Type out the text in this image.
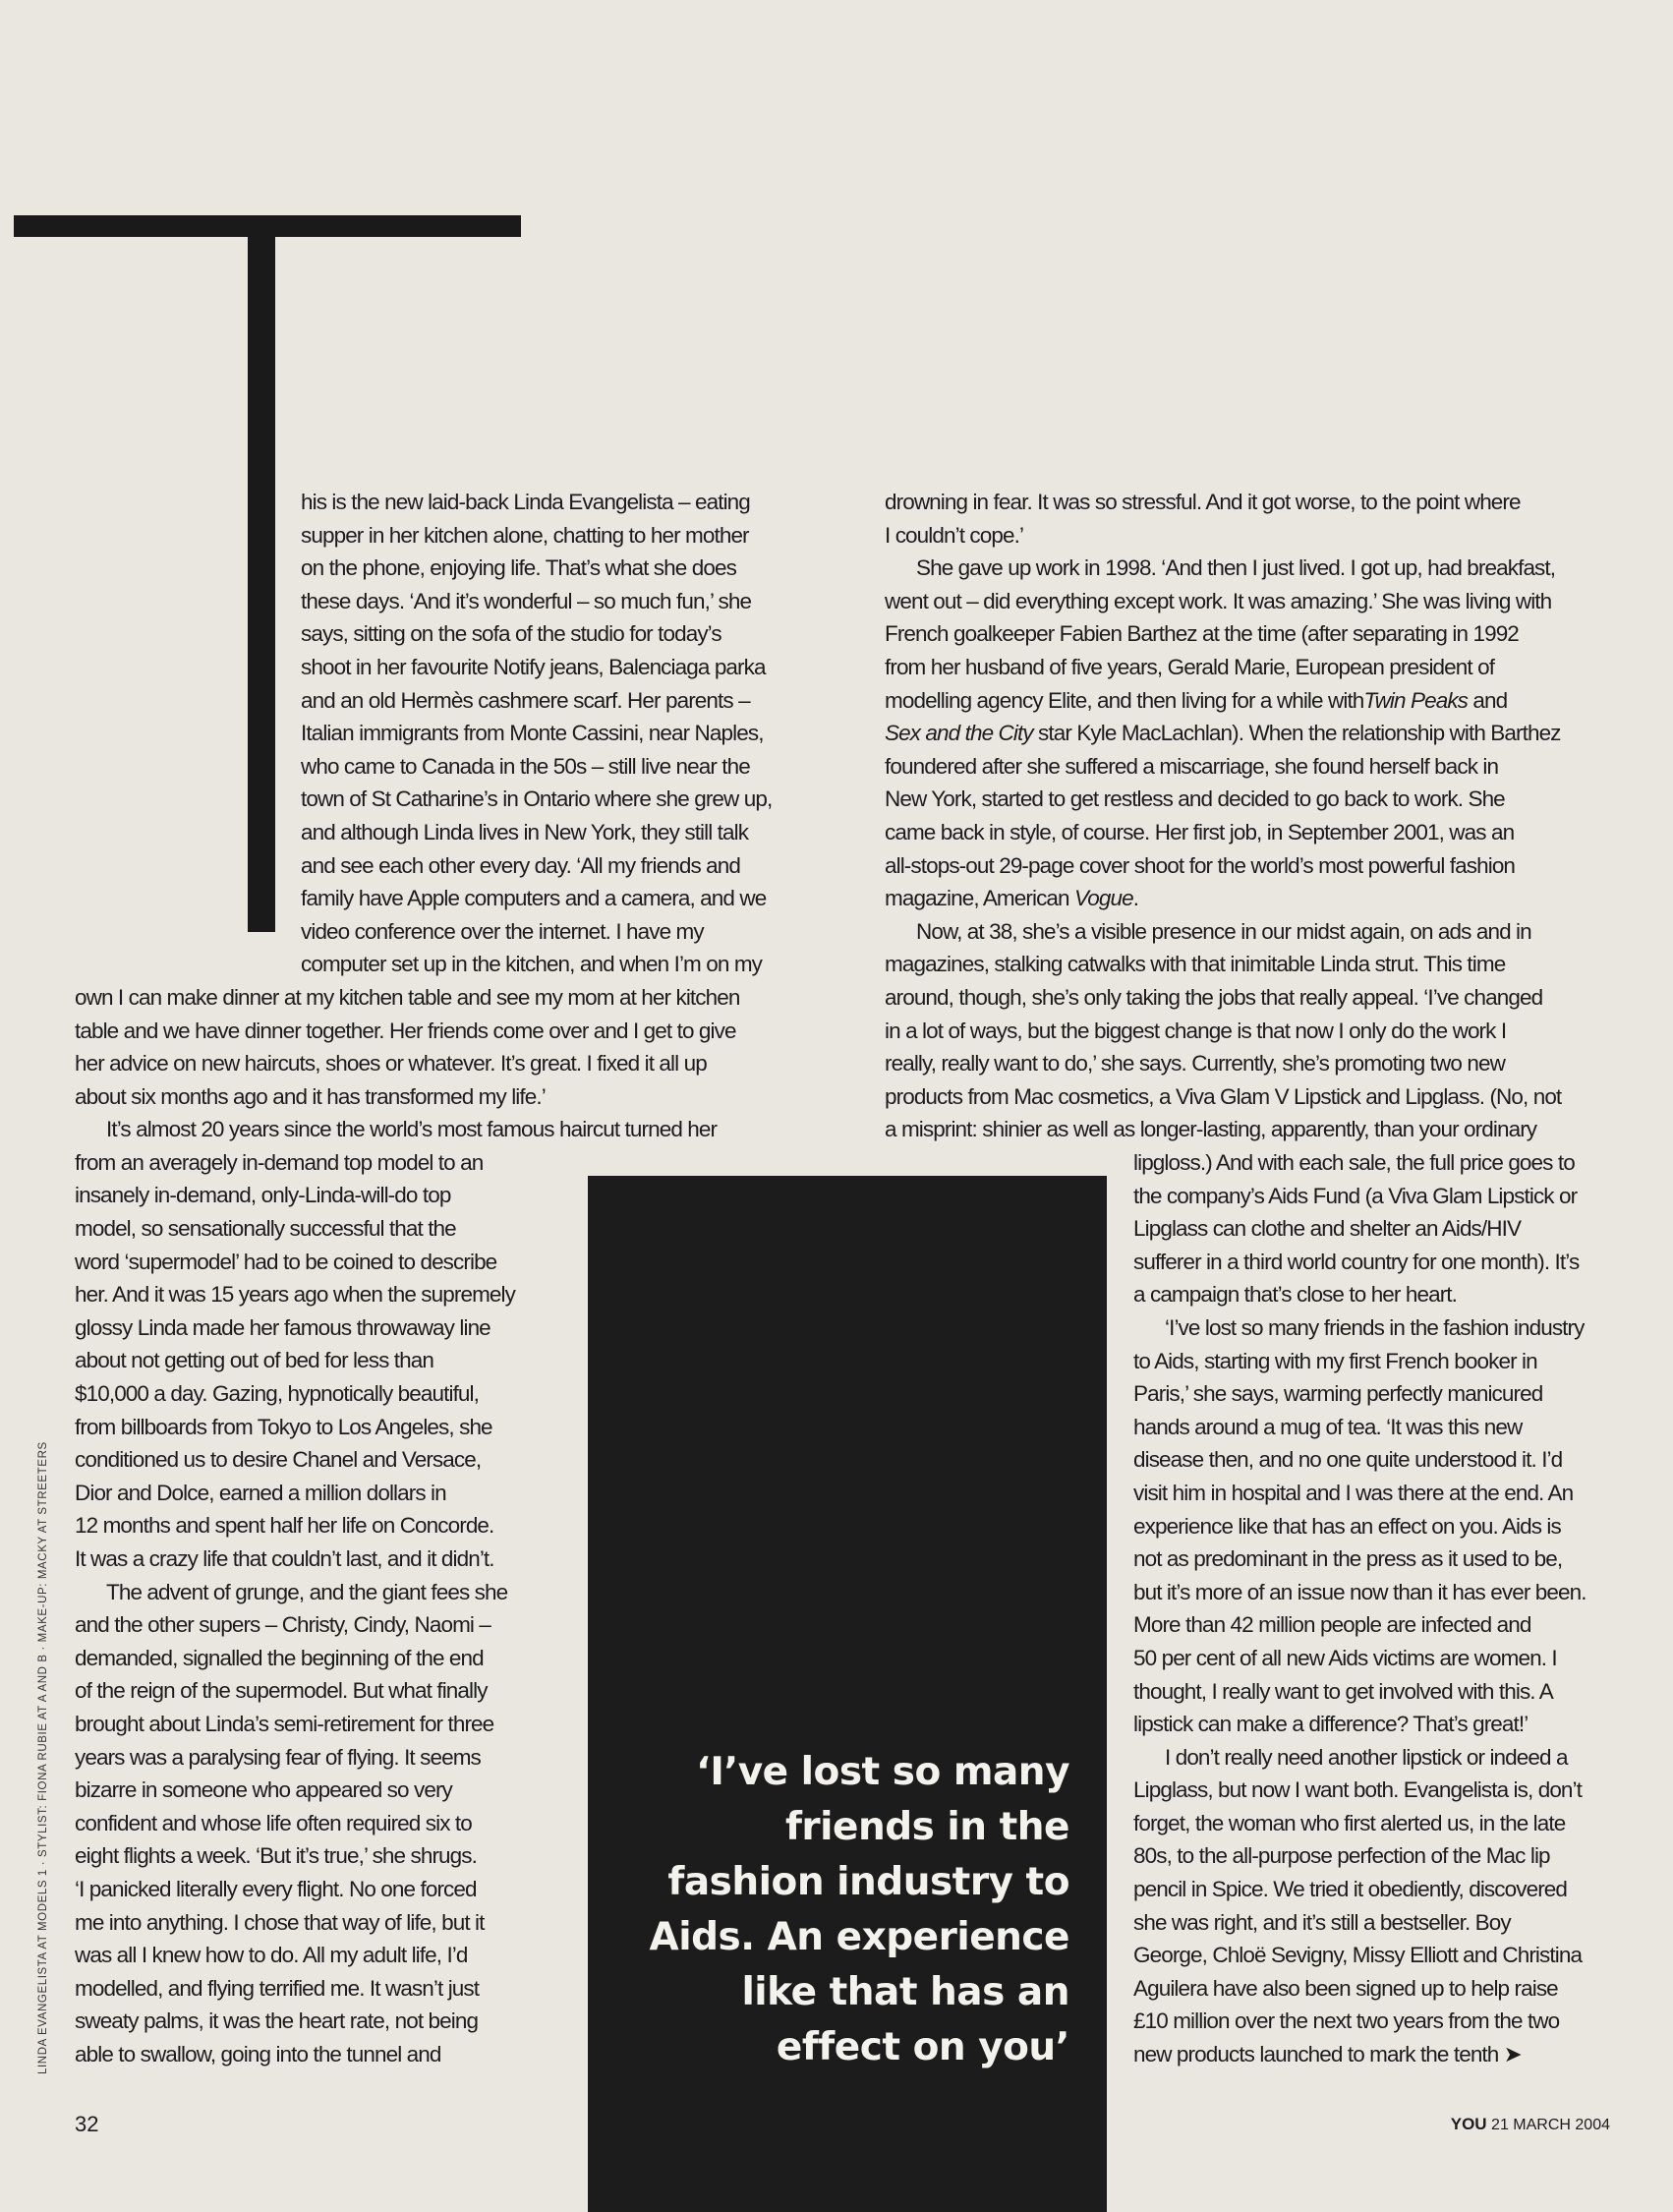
LINDA EVANGELISTA AT MODELS 1 · STYLIST: FIONA RUBIE AT A AND B · MAKE-UP: MACKY AT STREETERS
his is the new laid-back Linda Evangelista – eating
supper in her kitchen alone, chatting to her mother
on the phone, enjoying life. That’s what she does
these days. ‘And it’s wonderful – so much fun,’ she
says, sitting on the sofa of the studio for today’s
shoot in her favourite Notify jeans, Balenciaga parka
and an old Hermès cashmere scarf. Her parents –
Italian immigrants from Monte Cassini, near Naples,
who came to Canada in the 50s – still live near the
town of St Catharine’s in Ontario where she grew up,
and although Linda lives in New York, they still talk
and see each other every day. ‘All my friends and
family have Apple computers and a camera, and we
video conference over the internet. I have my
computer set up in the kitchen, and when I’m on my
own I can make dinner at my kitchen table and see my mom at her kitchen
table and we have dinner together. Her friends come over and I get to give
her advice on new haircuts, shoes or whatever. It’s great. I fixed it all up
about six months ago and it has transformed my life.’
It’s almost 20 years since the world’s most famous haircut turned her
from an averagely in-demand top model to an
insanely in-demand, only-Linda-will-do top
model, so sensationally successful that the
word ‘supermodel’ had to be coined to describe
her. And it was 15 years ago when the supremely
glossy Linda made her famous throwaway line
about not getting out of bed for less than
$10,000 a day. Gazing, hypnotically beautiful,
from billboards from Tokyo to Los Angeles, she
conditioned us to desire Chanel and Versace,
Dior and Dolce, earned a million dollars in
12 months and spent half her life on Concorde.
It was a crazy life that couldn’t last, and it didn’t.
The advent of grunge, and the giant fees she
and the other supers – Christy, Cindy, Naomi –
demanded, signalled the beginning of the end
of the reign of the supermodel. But what finally
brought about Linda’s semi-retirement for three
years was a paralysing fear of flying. It seems
bizarre in someone who appeared so very
confident and whose life often required six to
eight flights a week. ‘But it’s true,’ she shrugs.
‘I panicked literally every flight. No one forced
me into anything. I chose that way of life, but it
was all I knew how to do. All my adult life, I’d
modelled, and flying terrified me. It wasn’t just
sweaty palms, it was the heart rate, not being
able to swallow, going into the tunnel and
drowning in fear. It was so stressful. And it got worse, to the point where
I couldn’t cope.’
She gave up work in 1998. ‘And then I just lived. I got up, had breakfast,
went out – did everything except work. It was amazing.’ She was living with
French goalkeeper Fabien Barthez at the time (after separating in 1992
from her husband of five years, Gerald Marie, European president of
modelling agency Elite, and then living for a while withTwin Peaks and
Sex and the City star Kyle MacLachlan). When the relationship with Barthez
foundered after she suffered a miscarriage, she found herself back in
New York, started to get restless and decided to go back to work. She
came back in style, of course. Her first job, in September 2001, was an
all-stops-out 29-page cover shoot for the world’s most powerful fashion
magazine, American Vogue.
Now, at 38, she’s a visible presence in our midst again, on ads and in
magazines, stalking catwalks with that inimitable Linda strut. This time
around, though, she’s only taking the jobs that really appeal. ‘I’ve changed
in a lot of ways, but the biggest change is that now I only do the work I
really, really want to do,’ she says. Currently, she’s promoting two new
products from Mac cosmetics, a Viva Glam V Lipstick and Lipglass. (No, not
a misprint: shinier as well as longer-lasting, apparently, than your ordinary
lipgloss.) And with each sale, the full price goes to
the company’s Aids Fund (a Viva Glam Lipstick or
Lipglass can clothe and shelter an Aids/HIV
sufferer in a third world country for one month). It’s
a campaign that’s close to her heart.
‘I’ve lost so many friends in the fashion industry
to Aids, starting with my first French booker in
Paris,’ she says, warming perfectly manicured
hands around a mug of tea. ‘It was this new
disease then, and no one quite understood it. I’d
visit him in hospital and I was there at the end. An
experience like that has an effect on you. Aids is
not as predominant in the press as it used to be,
but it’s more of an issue now than it has ever been.
More than 42 million people are infected and
50 per cent of all new Aids victims are women. I
thought, I really want to get involved with this. A
lipstick can make a difference? That’s great!’
I don’t really need another lipstick or indeed a
Lipglass, but now I want both. Evangelista is, don’t
forget, the woman who first alerted us, in the late
80s, to the all-purpose perfection of the Mac lip
pencil in Spice. We tried it obediently, discovered
she was right, and it’s still a bestseller. Boy
George, Chloë Sevigny, Missy Elliott and Christina
Aguilera have also been signed up to help raise
£10 million over the next two years from the two
new products launched to mark the tenth ➤
‘I’ve lost so many
friends in the
fashion industry to
Aids. An experience
like that has an
effect on you’
32	YOU 21 MARCH 2004
